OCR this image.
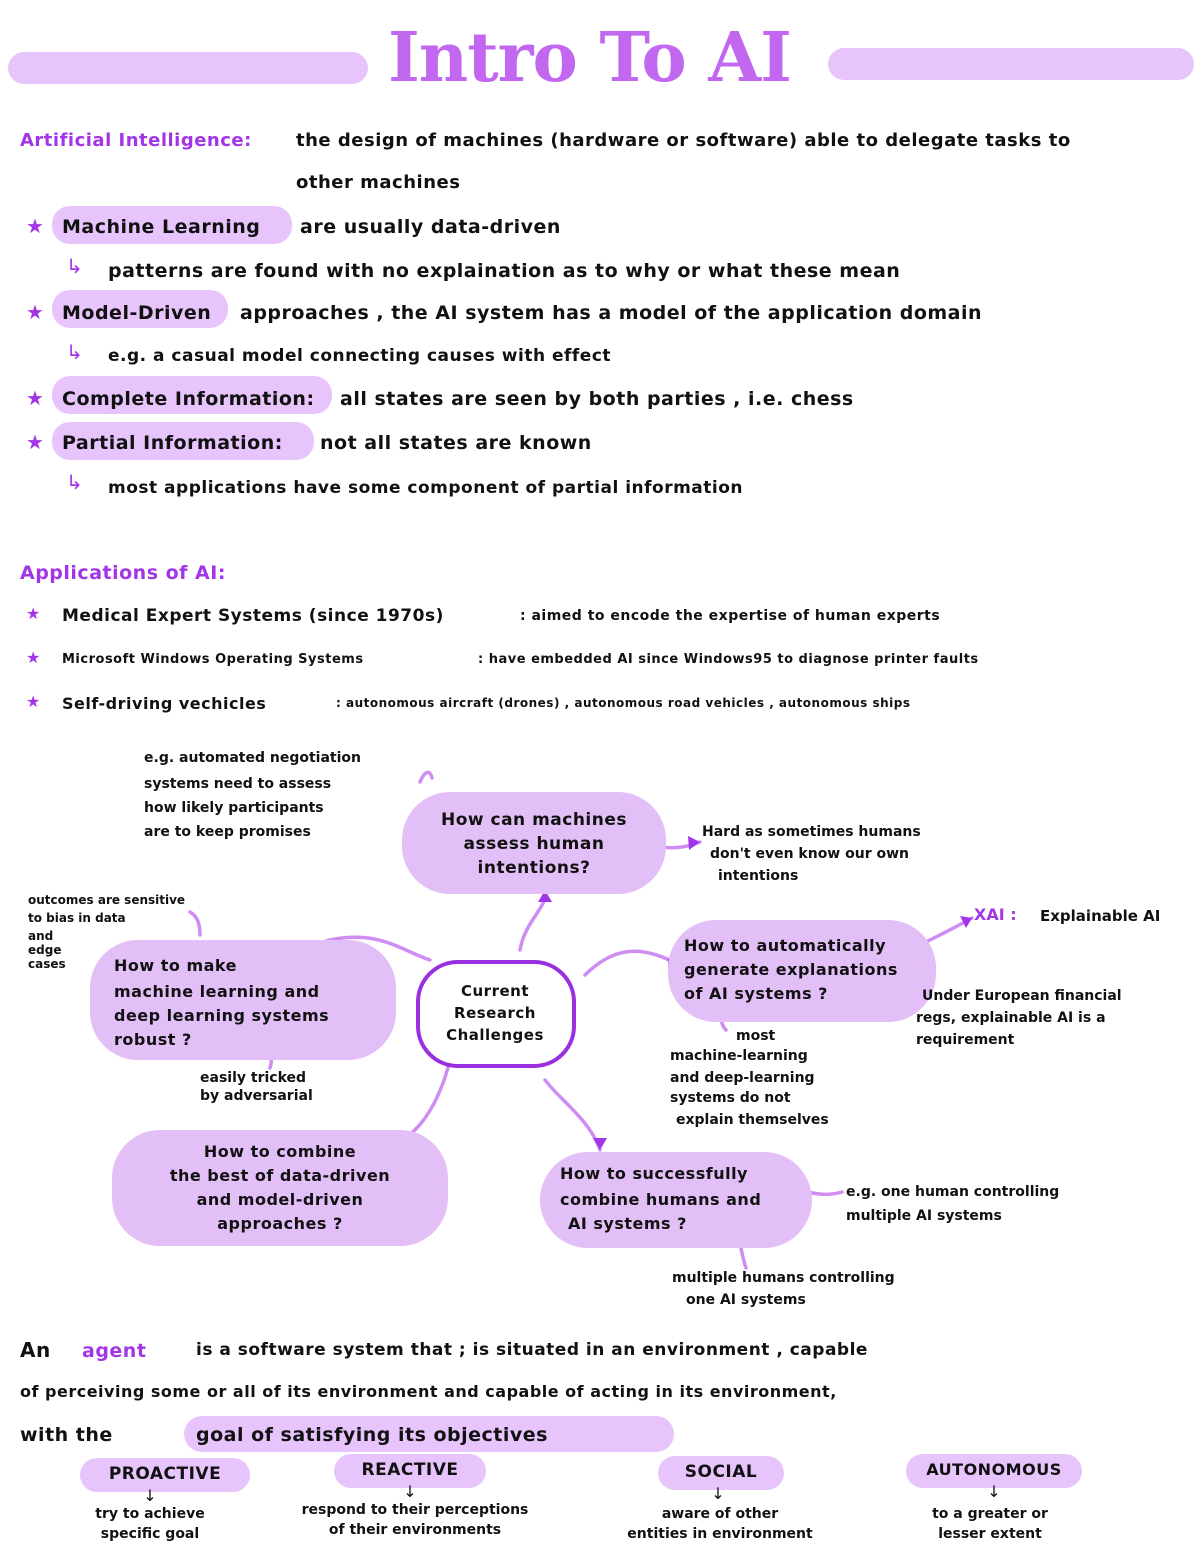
Intro To AI
Artificial Intelligence: the design of machines (hardware or software) able to delegate tasks to
other machines
★ Machine Learning are usually data-driven
↳ patterns are found with no explaination as to why or what these mean
★ Model-Driven approaches , the AI system has a model of the application domain
↳ e.g. a casual model connecting causes with effect
★ Complete Information: all states are seen by both parties , i.e. chess
★ Partial Information: not all states are known
↳ most applications have some component of partial information
Applications of AI:
★ Medical Expert Systems (since 1970s)	: aimed to encode the expertise of human experts
★ Microsoft Windows Operating Systems	: have embedded AI since Windows95 to diagnose printer faults
★ Self-driving vechicles	: autonomous aircraft (drones) , autonomous road vehicles , autonomous ships
Current
Research
Challenges
How can machines
assess human
intentions?
e.g. automated negotiation
systems need to assess
how likely participants
are to keep promises	Hard as sometimes humans
don't even know our own
intentions
How to make
machine learning and
deep learning systems
robust ?
outcomes are sensitive
to bias in data
and
edge
cases
easily tricked
by adversarial
How to automatically
generate explanations
of AI systems ?
XAI : Explainable AI
Under European financial
regs, explainable AI is a
requirement
most
machine-learning
and deep-learning
systems do not
explain themselves
How to combine
the best of data-driven
and model-driven
approaches ?
How to successfully
combine humans and
AI systems ?
e.g. one human controlling
multiple AI systems
multiple humans controlling
one AI systems
An agent	is a software system that ; is situated in an environment , capable
of perceiving some or all of its environment and capable of acting in its environment,
with the	goal of satisfying its objectives
PROACTIVE
↓
try to achieve
specific goal
REACTIVE
↓
respond to their perceptions
of their environments
SOCIAL
↓
aware of other
entities in environment
AUTONOMOUS
↓
to a greater or
lesser extent
